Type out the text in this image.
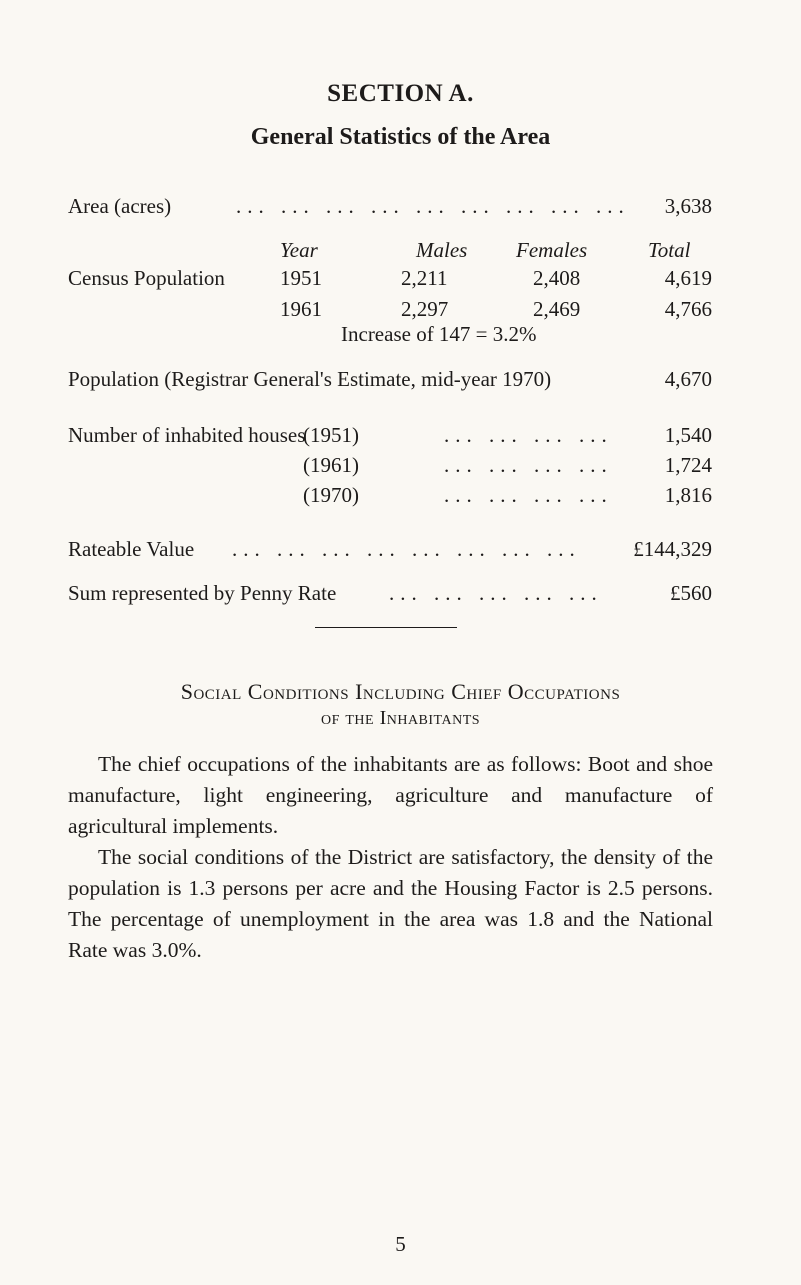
SECTION A.
General Statistics of the Area
Area (acres)	... ... ... ... ... ... ... ... ...	3,638
Year	Males Females	Total
Census Population	1951	2,211	2,408	4,619
1961	2,297	2,469	4,766
Increase of 147 = 3.2%
Population (Registrar General's Estimate, mid-year 1970)	4,670
Number of inhabited houses
(1951)	... ... ... ...	1,540
(1961)	... ... ... ...	1,724
(1970)	... ... ... ...	1,816
Rateable Value ... ... ... ... ... ... ... ...	£144,329
Sum represented by Penny Rate	... ... ... ... ...	£560
Social Conditions Including Chief Occupations
of the Inhabitants

The chief occupations of the inhabitants are as follows: Boot and shoe manufacture, light engineering, agriculture and manufacture of agricultural implements.

The social conditions of the District are satisfactory, the density of the population is 1.3 persons per acre and the Housing Factor is 2.5 persons. The percentage of unemployment in the area was 1.8 and the National Rate was 3.0%.

5
